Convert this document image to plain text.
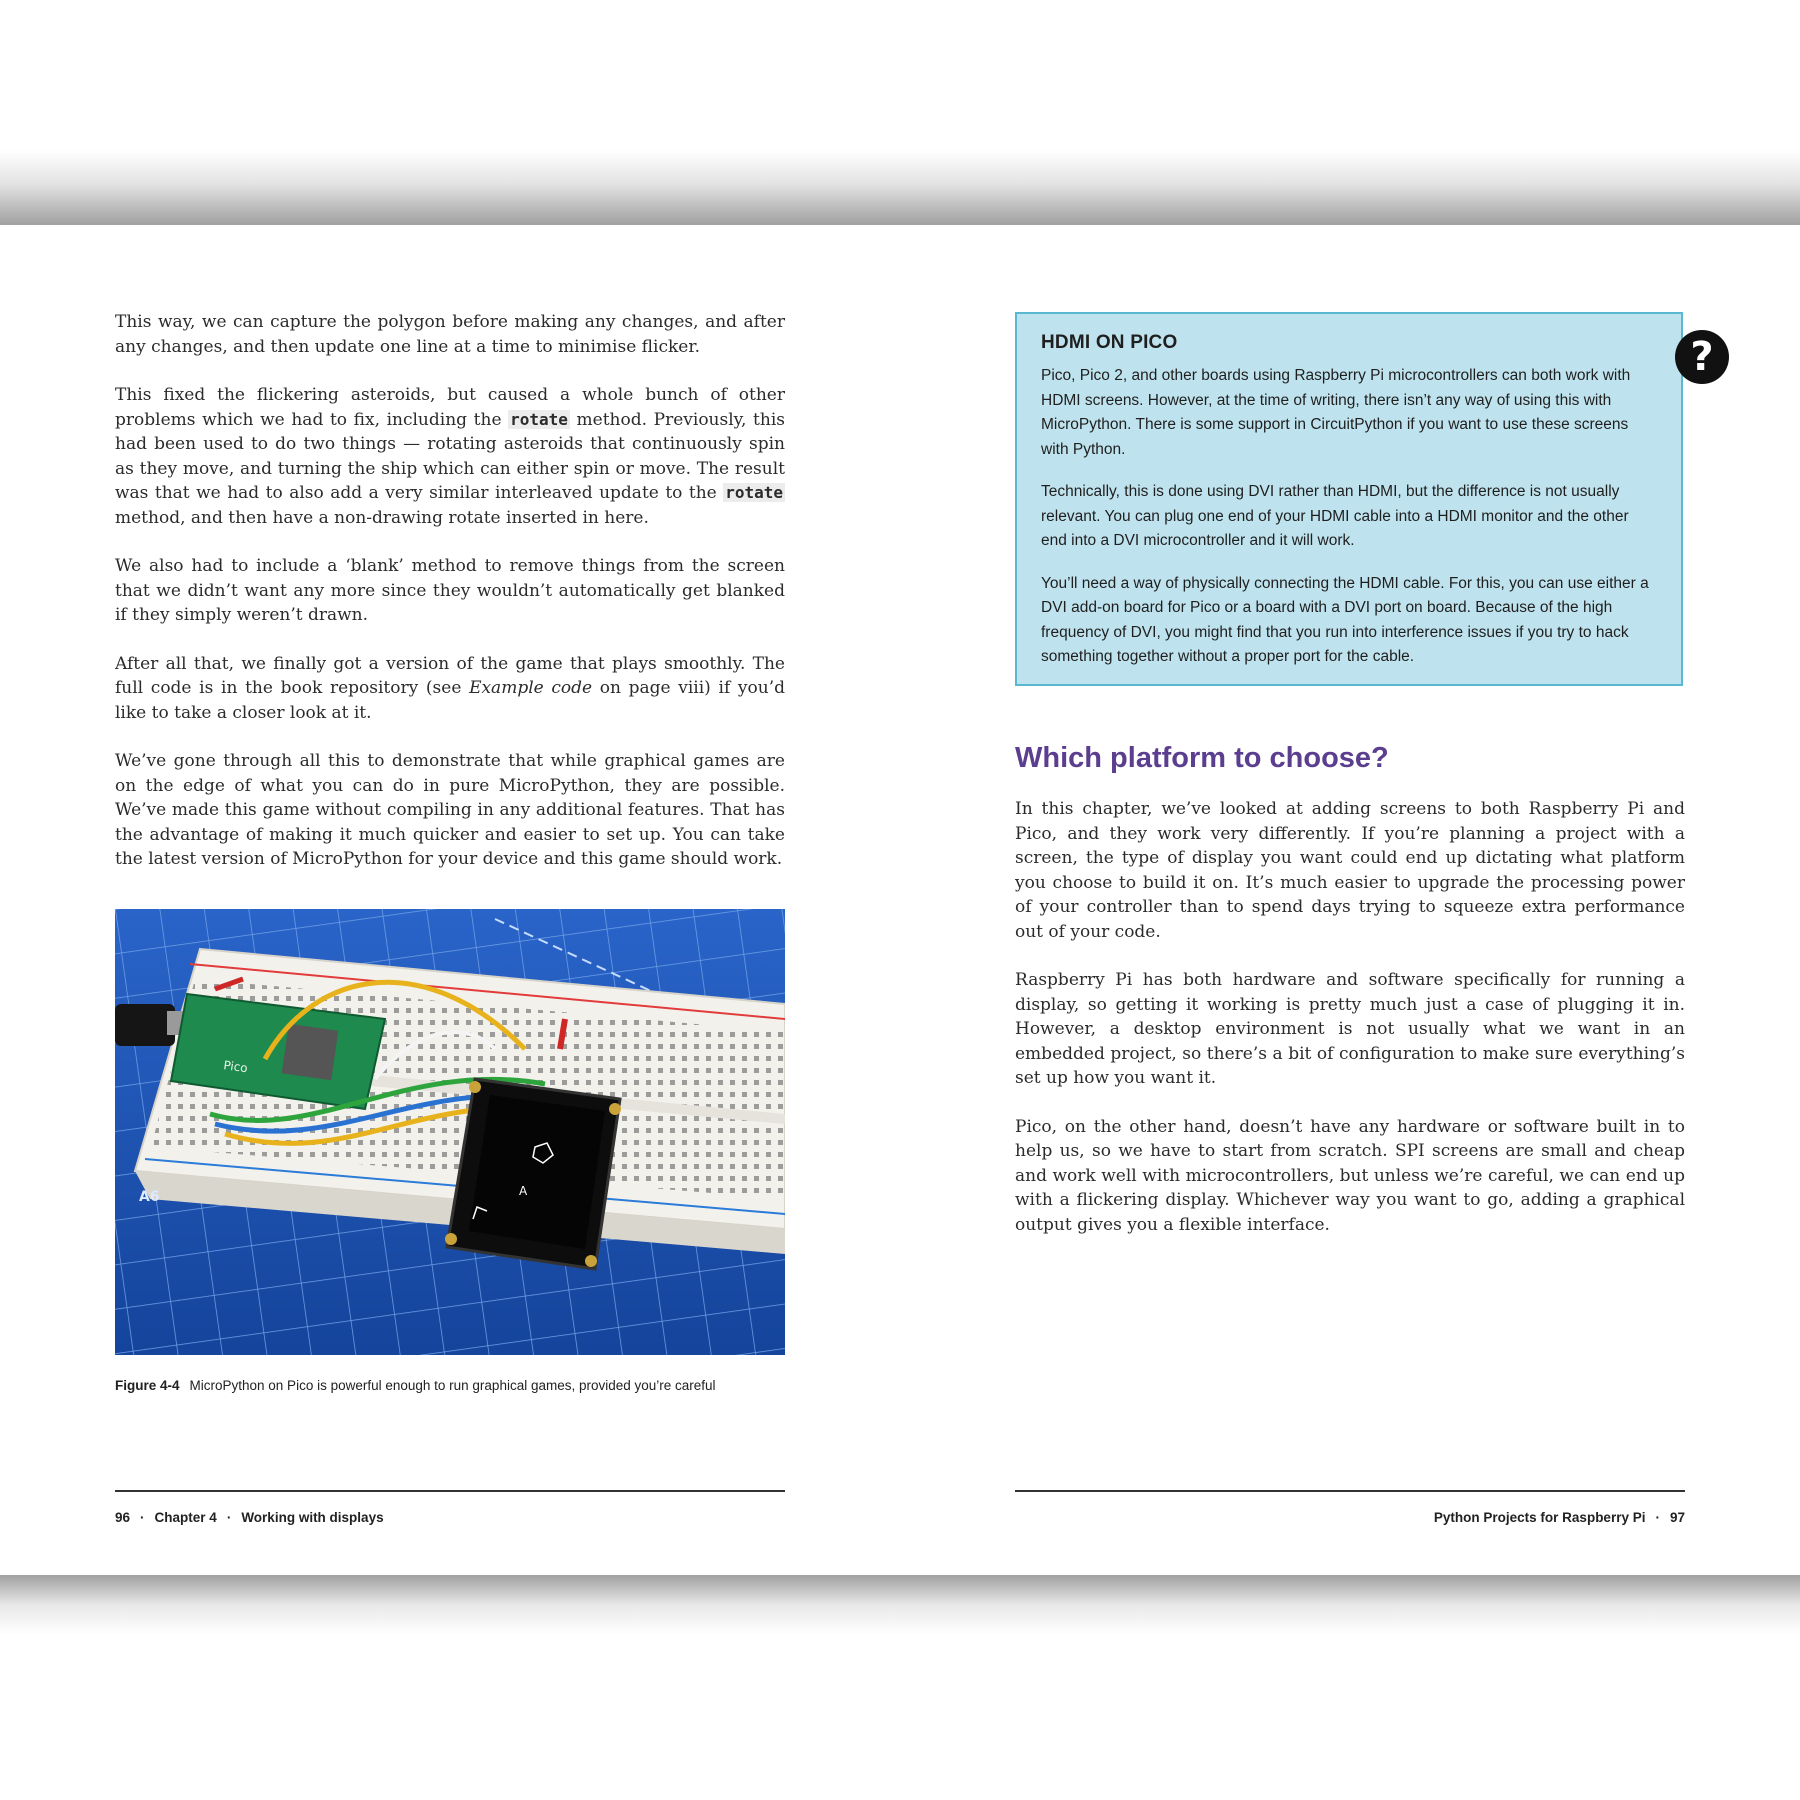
This way, we can capture the polygon before making any changes, and after any changes, and then update one line at a time to minimise flicker.

This fixed the flickering asteroids, but caused a whole bunch of other problems which we had to fix, including the rotate method. Previously, this had been used to do two things — rotating asteroids that continuously spin as they move, and turning the ship which can either spin or move. The result was that we had to also add a very similar interleaved update to the rotate method, and then have a non-drawing rotate inserted in here.

We also had to include a ‘blank’ method to remove things from the screen that we didn’t want any more since they wouldn’t automatically get blanked if they simply weren’t drawn.

After all that, we finally got a version of the game that plays smoothly. The full code is in the book repository (see Example code on page viii) if you’d like to take a closer look at it.

We’ve gone through all this to demonstrate that while graphical games are on the edge of what you can do in pure MicroPython, they are possible. We’ve made this game without compiling in any additional features. That has the advantage of making it much quicker and easier to set up. You can take the latest version of MicroPython for your device and this game should work.

Pico
A
A6
Figure 4-4 MicroPython on Pico is powerful enough to run graphical games, provided you’re careful
96 · Chapter 4 · Working with displays
HDMI ON PICO

Pico, Pico 2, and other boards using Raspberry Pi microcontrollers can both work with HDMI screens. However, at the time of writing, there isn’t any way of using this with MicroPython. There is some support in CircuitPython if you want to use these screens with Python.

Technically, this is done using DVI rather than HDMI, but the difference is not usually relevant. You can plug one end of your HDMI cable into a HDMI monitor and the other end into a DVI microcontroller and it will work.

You’ll need a way of physically connecting the HDMI cable. For this, you can use either a DVI add-on board for Pico or a board with a DVI port on board. Because of the high frequency of DVI, you might find that you run into interference issues if you try to hack something together without a proper port for the cable.

Which platform to choose?

In this chapter, we’ve looked at adding screens to both Raspberry Pi and Pico, and they work very differently. If you’re planning a project with a screen, the type of display you want could end up dictating what platform you choose to build it on. It’s much easier to upgrade the processing power of your controller than to spend days trying to squeeze extra performance out of your code.

Raspberry Pi has both hardware and software specifically for running a display, so getting it working is pretty much just a case of plugging it in. However, a desktop environment is not usually what we want in an embedded project, so there’s a bit of configuration to make sure everything’s set up how you want it.

Pico, on the other hand, doesn’t have any hardware or software built in to help us, so we have to start from scratch. SPI screens are small and cheap and work well with microcontrollers, but unless we’re careful, we can end up with a flickering display. Whichever way you want to go, adding a graphical output gives you a flexible interface.

Python Projects for Raspberry Pi · 97
?
